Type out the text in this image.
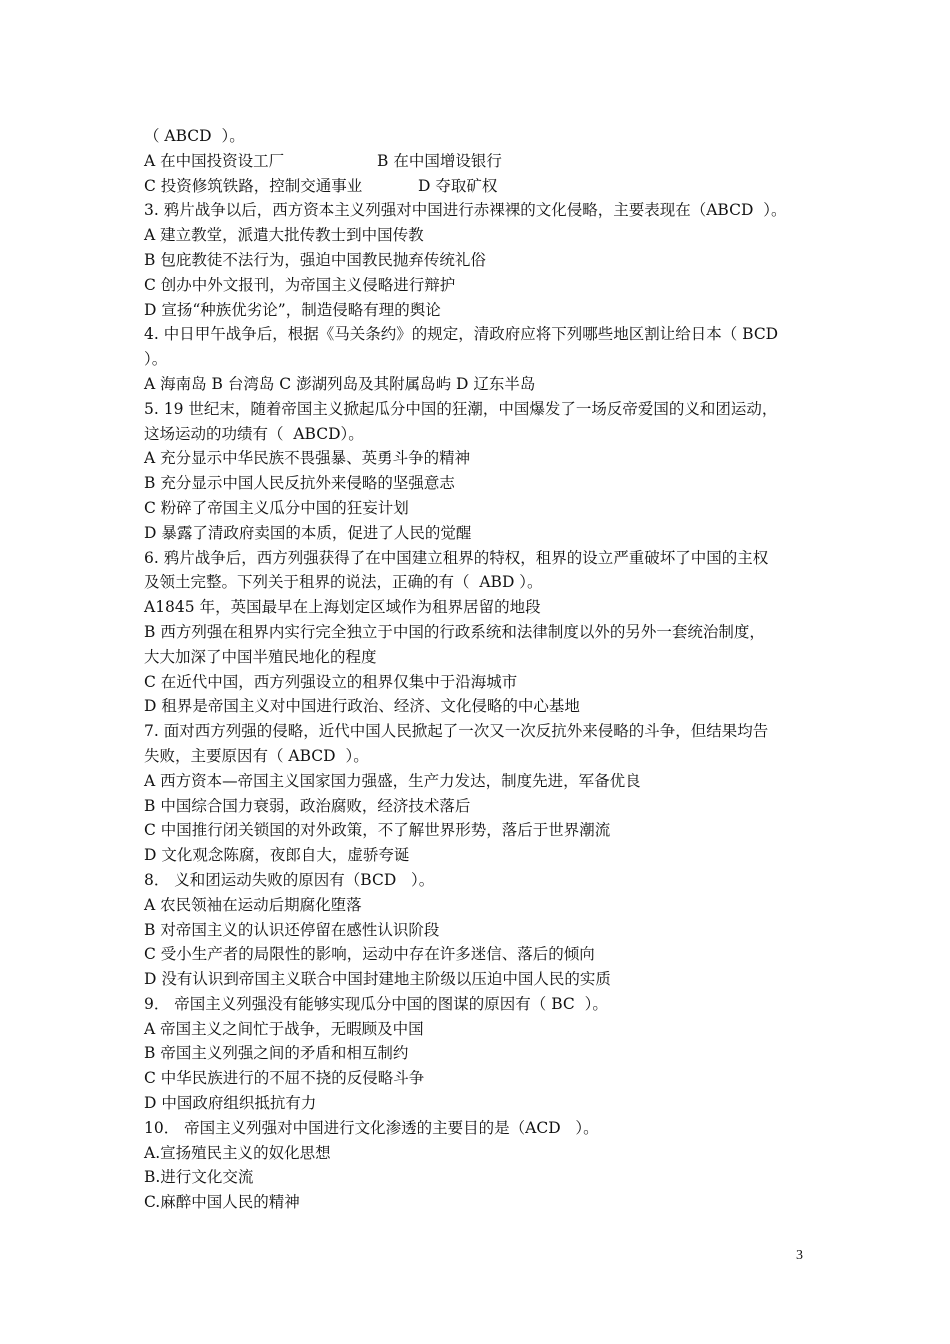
（ ABCD  ）。
A 在中国投资设工厂	B 在中国增设银行
C 投资修筑铁路，控制交通事业	D 夺取矿权
3. 鸦片战争以后，西方资本主义列强对中国进行赤裸裸的文化侵略，主要表现在（ABCD  ）。
A 建立教堂，派遣大批传教士到中国传教
B 包庇教徒不法行为，强迫中国教民抛弃传统礼俗
C 创办中外文报刊，为帝国主义侵略进行辩护
D 宣扬“种族优劣论”，制造侵略有理的舆论
4. 中日甲午战争后，根据《马关条约》的规定，清政府应将下列哪些地区割让给日本（ BCD
）。
A 海南岛 B 台湾岛 C 澎湖列岛及其附属岛屿 D 辽东半岛
5. 19 世纪末，随着帝国主义掀起瓜分中国的狂潮，中国爆发了一场反帝爱国的义和团运动，
这场运动的功绩有（  ABCD）。
A 充分显示中华民族不畏强暴、英勇斗争的精神
B 充分显示中国人民反抗外来侵略的坚强意志
C 粉碎了帝国主义瓜分中国的狂妄计划
D 暴露了清政府卖国的本质，促进了人民的觉醒
6. 鸦片战争后，西方列强获得了在中国建立租界的特权，租界的设立严重破坏了中国的主权
及领土完整。下列关于租界的说法，正确的有（  ABD ）。
A1845 年，英国最早在上海划定区域作为租界居留的地段
B 西方列强在租界内实行完全独立于中国的行政系统和法律制度以外的另外一套统治制度，
大大加深了中国半殖民地化的程度
C 在近代中国，西方列强设立的租界仅集中于沿海城市
D 租界是帝国主义对中国进行政治、经济、文化侵略的中心基地
7. 面对西方列强的侵略，近代中国人民掀起了一次又一次反抗外来侵略的斗争，但结果均告
失败，主要原因有（ ABCD  ）。
A 西方资本—帝国主义国家国力强盛，生产力发达，制度先进，军备优良
B 中国综合国力衰弱，政治腐败，经济技术落后
C 中国推行闭关锁国的对外政策，不了解世界形势，落后于世界潮流
D 文化观念陈腐，夜郎自大，虚骄夸诞
8． 义和团运动失败的原因有（BCD   ）。
A 农民领袖在运动后期腐化堕落
B 对帝国主义的认识还停留在感性认识阶段
C 受小生产者的局限性的影响，运动中存在许多迷信、落后的倾向
D 没有认识到帝国主义联合中国封建地主阶级以压迫中国人民的实质
9． 帝国主义列强没有能够实现瓜分中国的图谋的原因有（ BC  ）。
A 帝国主义之间忙于战争，无暇顾及中国
B 帝国主义列强之间的矛盾和相互制约
C 中华民族进行的不屈不挠的反侵略斗争
D 中国政府组织抵抗有力
10． 帝国主义列强对中国进行文化渗透的主要目的是（ACD   ）。
A.宣扬殖民主义的奴化思想
B.进行文化交流
C.麻醉中国人民的精神
3
